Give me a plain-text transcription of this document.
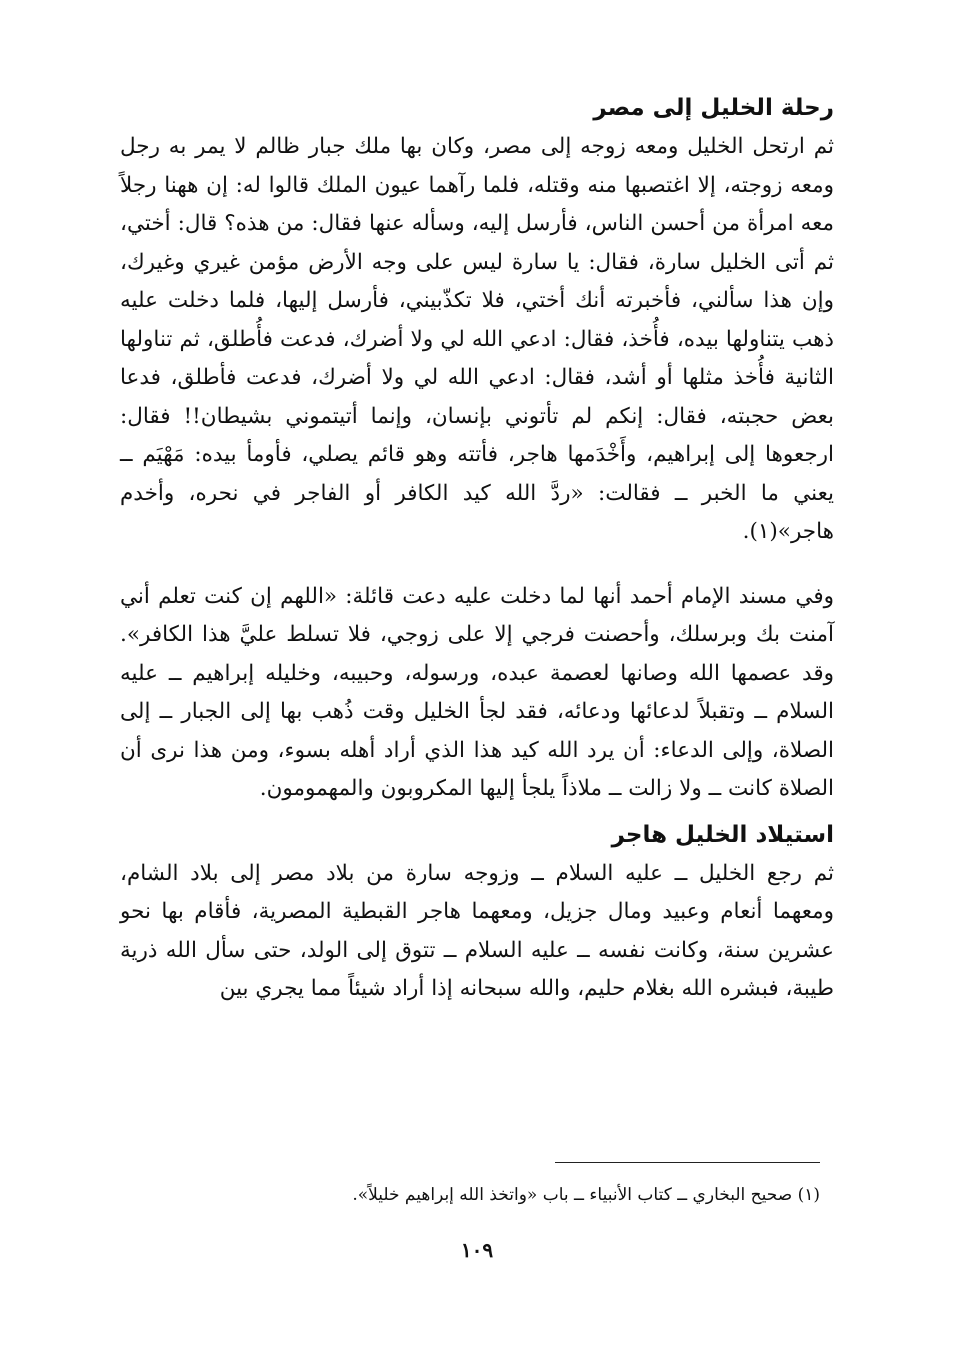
رحلة الخليل إلى مصر

ثم ارتحل الخليل ومعه زوجه إلى مصر، وكان بها ملك جبار ظالم لا يمر به رجل ومعه زوجته، إلا اغتصبها منه وقتله، فلما رآهما عيون الملك قالوا له: إن ههنا رجلاً معه امرأة من أحسن الناس، فأرسل إليه، وسأله عنها فقال: من هذه؟ قال: أختي، ثم أتى الخليل سارة، فقال: يا سارة ليس على وجه الأرض مؤمن غيري وغيرك، وإن هذا سألني، فأخبرته أنك أختي، فلا تكذّبيني، فأرسل إليها، فلما دخلت عليه ذهب يتناولها بيده، فأُخذ، فقال: ادعي الله لي ولا أضرك، فدعت فأُطلق، ثم تناولها الثانية فأُخذ مثلها أو أشد، فقال: ادعي الله لي ولا أضرك، فدعت فأطلق، فدعا بعض حجبته، فقال: إنكم لم تأتوني بإنسان، وإنما أتيتموني بشيطان!! فقال: ارجعوها إلى إبراهيم، وأَخْدَمها هاجر، فأتته وهو قائم يصلي، فأومأ بيده: مَهْيَم ــ يعني ما الخبر ــ فقالت: «ردَّ الله كيد الكافر أو الفاجر في نحره، وأخدم هاجر»(١).

وفي مسند الإمام أحمد أنها لما دخلت عليه دعت قائلة: «اللهم إن كنت تعلم أني آمنت بك وبرسلك، وأحصنت فرجي إلا على زوجي، فلا تسلط عليَّ هذا الكافر». وقد عصمها الله وصانها لعصمة عبده، ورسوله، وحبيبه، وخليله إبراهيم ــ عليه السلام ــ وتقبلاً لدعائها ودعائه، فقد لجأ الخليل وقت ذُهب بها إلى الجبار ــ إلى الصلاة، وإلى الدعاء: أن يرد الله كيد هذا الذي أراد أهله بسوء، ومن هذا نرى أن الصلاة كانت ــ ولا زالت ــ ملاذاً يلجأ إليها المكروبون والمهمومون.

استيلاد الخليل هاجر

ثم رجع الخليل ــ عليه السلام ــ وزوجه سارة من بلاد مصر إلى بلاد الشام، ومعهما أنعام وعبيد ومال جزيل، ومعهما هاجر القبطية المصرية، فأقام بها نحو عشرين سنة، وكانت نفسه ــ عليه السلام ــ تتوق إلى الولد، حتى سأل الله ذرية طيبة، فبشره الله بغلام حليم، والله سبحانه إذا أراد شيئاً مما يجري بين

(١) صحيح البخاري ــ كتاب الأنبياء ــ باب «واتخذ الله إبراهيم خليلاً».
١٠٩
